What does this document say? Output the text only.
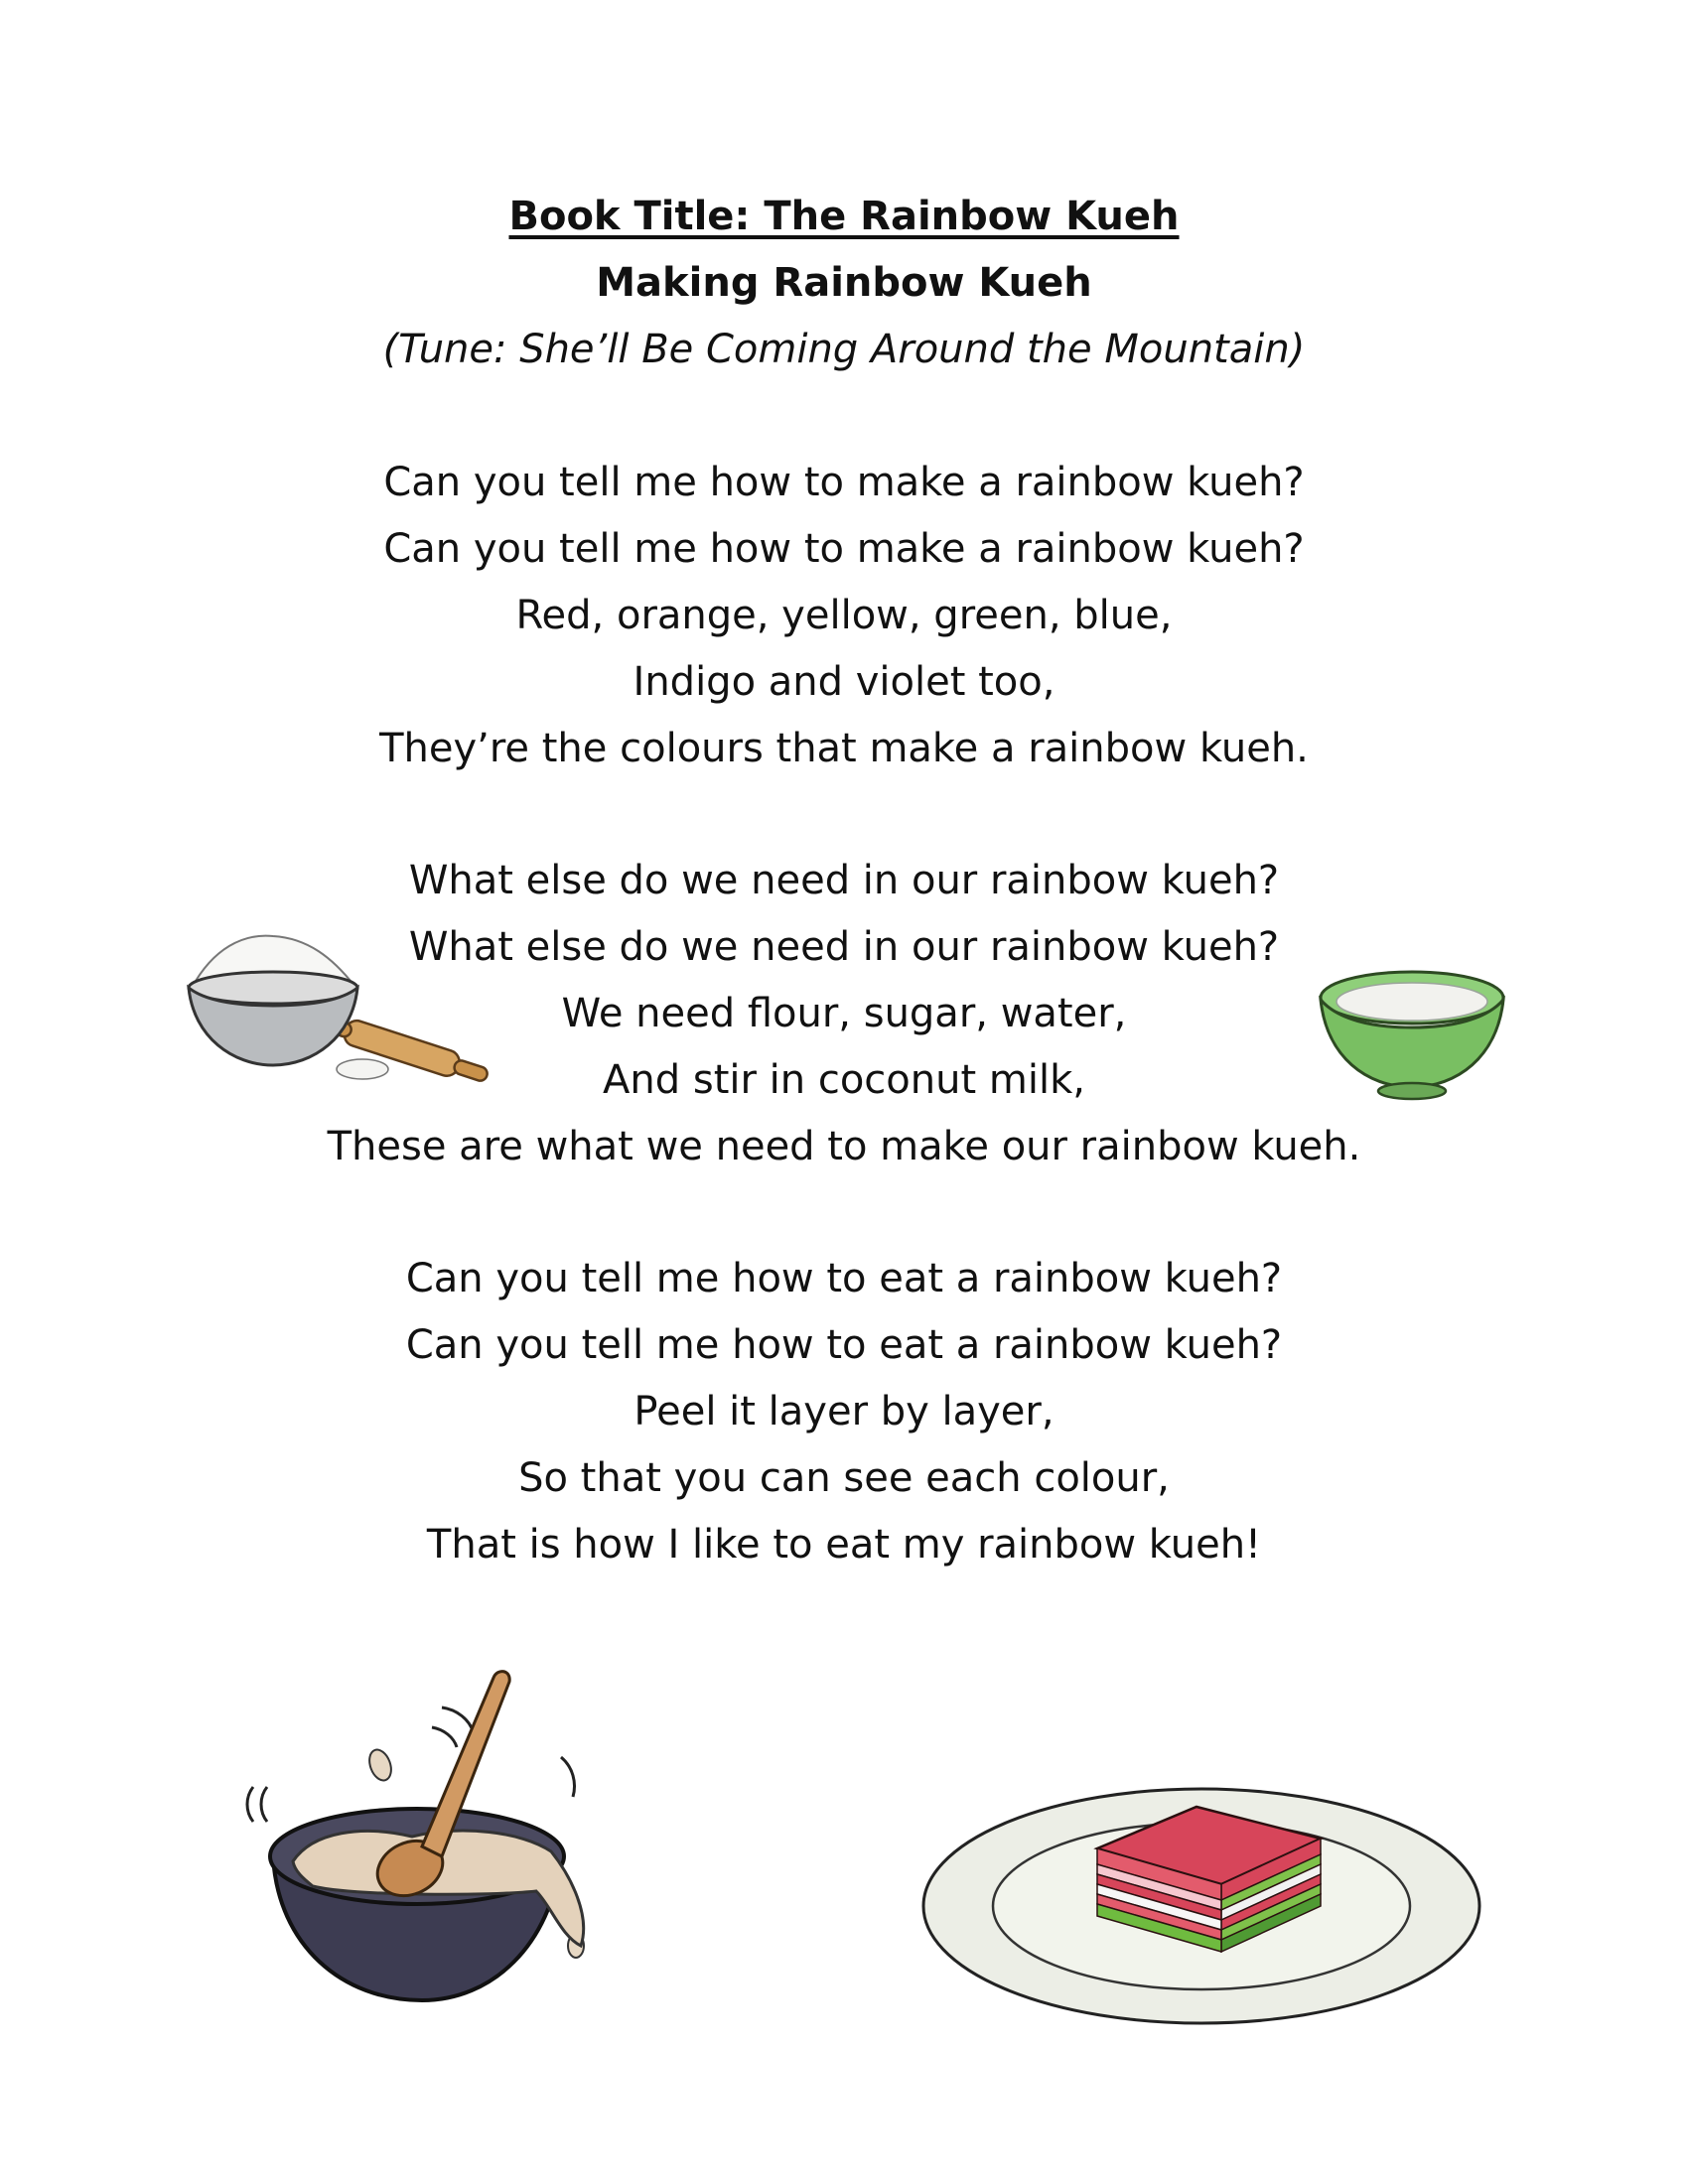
Book Title: The Rainbow Kueh
Making Rainbow Kueh
(Tune: She’ll Be Coming Around the Mountain)
Can you tell me how to make a rainbow kueh?
Can you tell me how to make a rainbow kueh?
Red, orange, yellow, green, blue,
Indigo and violet too,
They’re the colours that make a rainbow kueh.
What else do we need in our rainbow kueh?
What else do we need in our rainbow kueh?
We need flour, sugar, water,
And stir in coconut milk,
These are what we need to make our rainbow kueh.
Can you tell me how to eat a rainbow kueh?
Can you tell me how to eat a rainbow kueh?
Peel it layer by layer,
So that you can see each colour,
That is how I like to eat my rainbow kueh!
